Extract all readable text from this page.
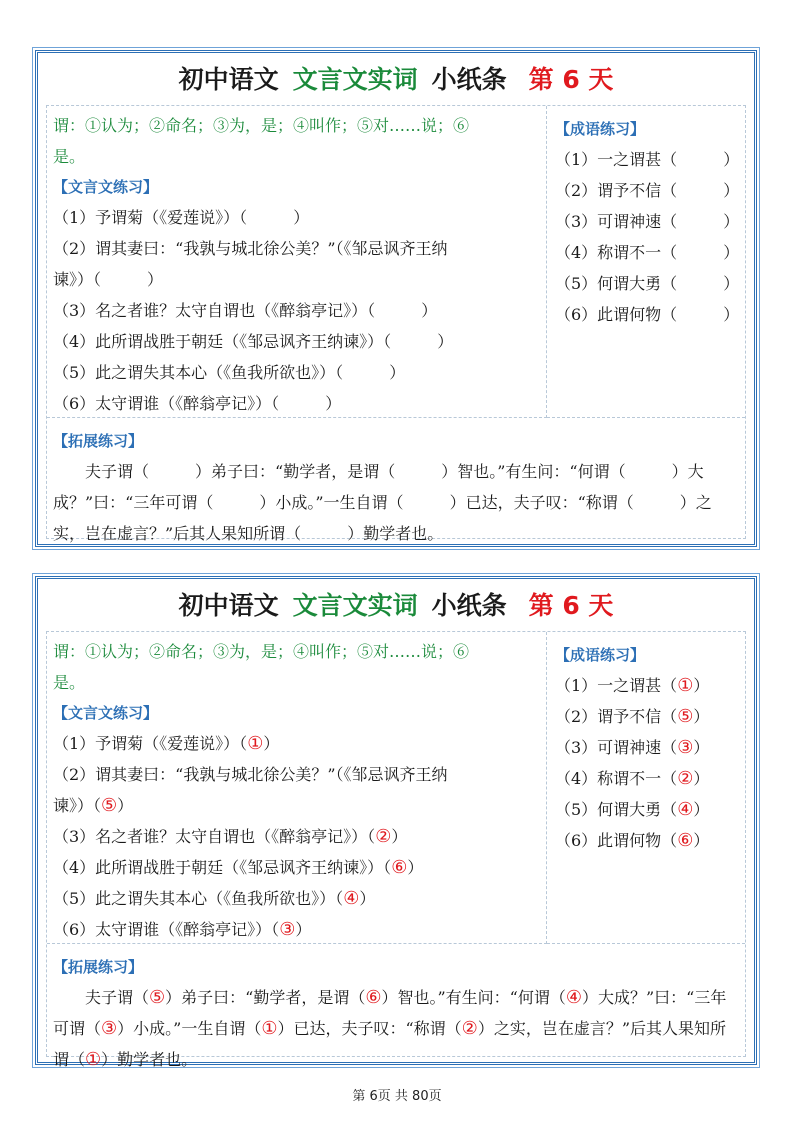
初中语文 文言文实词 小纸条 第 6 天
谓：①认为；②命名；③为，是；④叫作；⑤对……说；⑥
是。
【文言文练习】
（1）予谓菊（《爱莲说》）（	）
（2）谓其妻曰：“我孰与城北徐公美？”（《邹忌讽齐王纳
谏》）（	）
（3）名之者谁？太守自谓也（《醉翁亭记》）（	）
（4）此所谓战胜于朝廷（《邹忌讽齐王纳谏》）（	）
（5）此之谓失其本心（《鱼我所欲也》）（	）
（6）太守谓谁（《醉翁亭记》）（	）
【成语练习】
（1）一之谓甚（	）
（2）谓予不信（	）
（3）可谓神速（	）
（4）称谓不一（	）
（5）何谓大勇（	）
（6）此谓何物（	）
【拓展练习】

夫子谓（	）弟子曰：“勤学者，是谓（	）智也。”有生问：“何谓（	）大成？”曰：“三年可谓（	）小成。”一生自谓（	）已达，夫子叹：“称谓（	）之实，岂在虚言？”后其人果知所谓（	）勤学者也。

初中语文 文言文实词 小纸条 第 6 天
谓：①认为；②命名；③为，是；④叫作；⑤对……说；⑥
是。
【文言文练习】
（1）予谓菊（《爱莲说》）（①）
（2）谓其妻曰：“我孰与城北徐公美？”（《邹忌讽齐王纳
谏》）（⑤）
（3）名之者谁？太守自谓也（《醉翁亭记》）（②）
（4）此所谓战胜于朝廷（《邹忌讽齐王纳谏》）（⑥）
（5）此之谓失其本心（《鱼我所欲也》）（④）
（6）太守谓谁（《醉翁亭记》）（③）
【成语练习】
（1）一之谓甚（①）
（2）谓予不信（⑤）
（3）可谓神速（③）
（4）称谓不一（②）
（5）何谓大勇（④）
（6）此谓何物（⑥）
【拓展练习】

夫子谓（⑤）弟子曰：“勤学者，是谓（⑥）智也。”有生问：“何谓（④）大成？”曰：“三年可谓（③）小成。”一生自谓（①）已达，夫子叹：“称谓（②）之实，岂在虚言？”后其人果知所谓（①）勤学者也。

第 6页 共 80页
